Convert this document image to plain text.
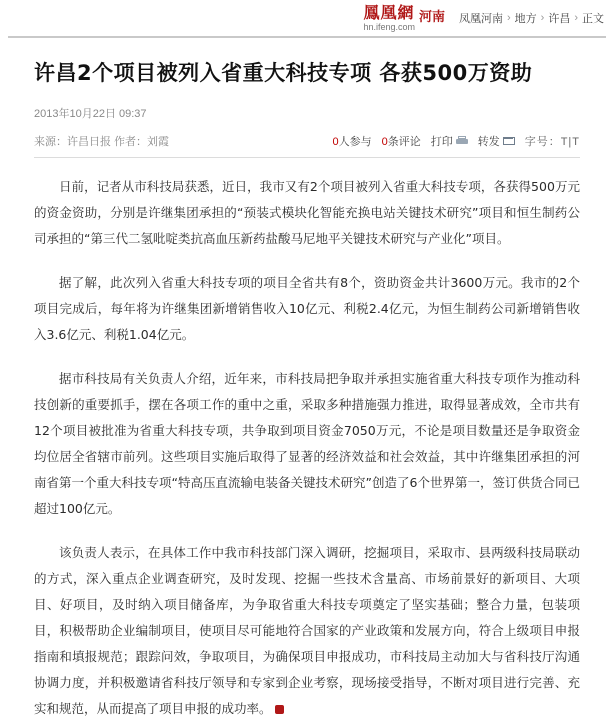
鳳凰網
hn.ifeng.com
河南 凤凰河南 › 地方 › 许昌 › 正文
许昌2个项目被列入省重大科技专项 各获500万资助
2013年10月22日 09:37
来源：许昌日报 作者：刘霞	0人参与 0条评论 打印 转发 字号：T|T

日前，记者从市科技局获悉，近日，我市又有2个项目被列入省重大科技专项，各获得500万元的资金资助，分别是许继集团承担的“预装式模块化智能充换电站关键技术研究”项目和恒生制药公司承担的“第三代二氢吡啶类抗高血压新药盐酸马尼地平关键技术研究与产业化”项目。

据了解，此次列入省重大科技专项的项目全省共有8个，资助资金共计3600万元。我市的2个项目完成后，每年将为许继集团新增销售收入10亿元、利税2.4亿元，为恒生制药公司新增销售收入3.6亿元、利税1.04亿元。

据市科技局有关负责人介绍，近年来，市科技局把争取并承担实施省重大科技专项作为推动科技创新的重要抓手，摆在各项工作的重中之重，采取多种措施强力推进，取得显著成效，全市共有12个项目被批准为省重大科技专项，共争取到项目资金7050万元，不论是项目数量还是争取资金均位居全省辖市前列。这些项目实施后取得了显著的经济效益和社会效益，其中许继集团承担的河南省第一个重大科技专项“特高压直流输电装备关键技术研究”创造了6个世界第一，签订供货合同已超过100亿元。

该负责人表示，在具体工作中我市科技部门深入调研，挖掘项目，采取市、县两级科技局联动的方式，深入重点企业调查研究，及时发现、挖掘一些技术含量高、市场前景好的新项目、大项目、好项目，及时纳入项目储备库，为争取省重大科技专项奠定了坚实基础；整合力量，包装项目，积极帮助企业编制项目，使项目尽可能地符合国家的产业政策和发展方向，符合上级项目申报指南和填报规范；跟踪问效，争取项目，为确保项目申报成功，市科技局主动加大与省科技厅沟通协调力度，并积极邀请省科技厅领导和专家到企业考察，现场接受指导，不断对项目进行完善、充实和规范，从而提高了项目申报的成功率。
